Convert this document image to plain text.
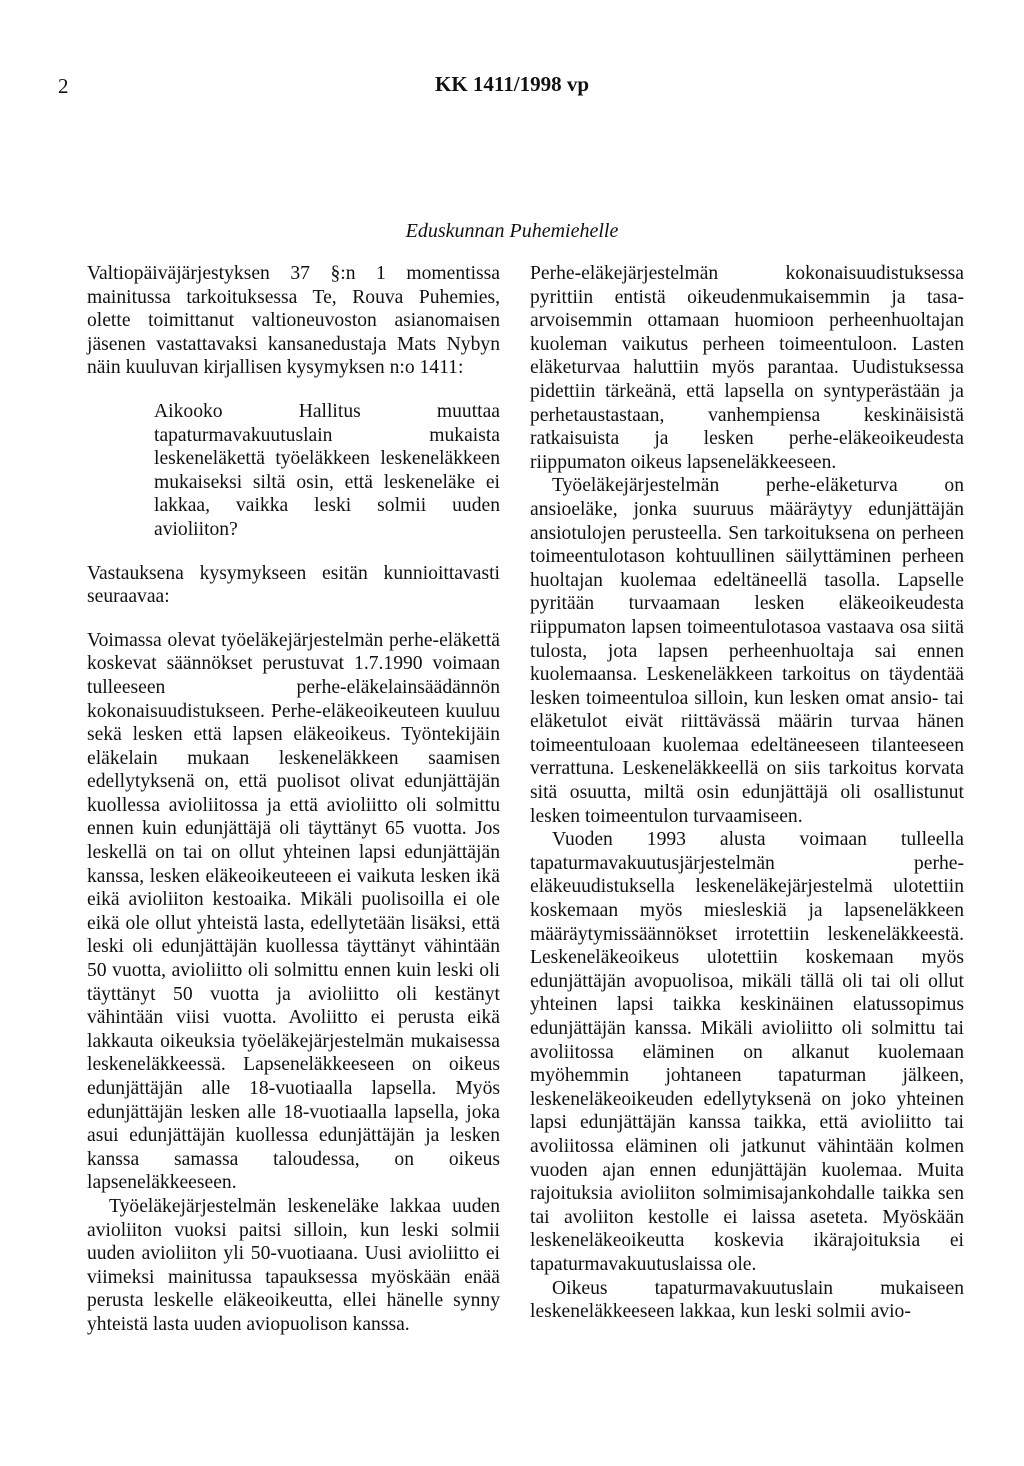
2	KK 1411/1998 vp
Eduskunnan Puhemiehelle

Valtiopäiväjärjestyksen 37 §:n 1 momentissa mainitussa tarkoituksessa Te, Rouva Puhemies, olette toimittanut valtioneuvoston asianomaisen jäsenen vastattavaksi kansanedustaja Mats Nybyn näin kuuluvan kirjallisen kysymyksen n:o 1411:

Aikooko Hallitus muuttaa tapaturmavakuutuslain mukaista leskeneläkettä työeläkkeen leskeneläkkeen mukaiseksi siltä osin, että leskeneläke ei lakkaa, vaikka leski solmii uuden avioliiton?

Vastauksena kysymykseen esitän kunnioittavasti seuraavaa:

Voimassa olevat työeläkejärjestelmän perhe-eläkettä koskevat säännökset perustuvat 1.7.1990 voimaan tulleeseen perhe-eläkelainsäädännön kokonaisuudistukseen. Perhe-eläkeoikeuteen kuuluu sekä lesken että lapsen eläkeoikeus. Työntekijäin eläkelain mukaan leskeneläkkeen saamisen edellytyksenä on, että puolisot olivat edunjättäjän kuollessa avioliitossa ja että avioliitto oli solmittu ennen kuin edunjättäjä oli täyttänyt 65 vuotta. Jos leskellä on tai on ollut yhteinen lapsi edunjättäjän kanssa, lesken eläkeoikeuteeen ei vaikuta lesken ikä eikä avioliiton kestoaika. Mikäli puolisoilla ei ole eikä ole ollut yhteistä lasta, edellytetään lisäksi, että leski oli edunjättäjän kuollessa täyttänyt vähintään 50 vuotta, avioliitto oli solmittu ennen kuin leski oli täyttänyt 50 vuotta ja avioliitto oli kestänyt vähintään viisi vuotta. Avoliitto ei perusta eikä lakkauta oikeuksia työeläkejärjestelmän mukaisessa leskeneläkkeessä. Lapseneläkkeeseen on oikeus edunjättäjän alle 18-vuotiaalla lapsella. Myös edunjättäjän lesken alle 18-vuotiaalla lapsella, joka asui edunjättäjän kuollessa edunjättäjän ja lesken kanssa samassa taloudessa, on oikeus lapseneläkkeeseen.

Työeläkejärjestelmän leskeneläke lakkaa uuden avioliiton vuoksi paitsi silloin, kun leski solmii uuden avioliiton yli 50-vuotiaana. Uusi avioliitto ei viimeksi mainitussa tapauksessa myöskään enää perusta leskelle eläkeoikeutta, ellei hänelle synny yhteistä lasta uuden aviopuolison kanssa.

Perhe-eläkejärjestelmän kokonaisuudistuksessa pyrittiin entistä oikeudenmukaisemmin ja tasa-arvoisemmin ottamaan huomioon perheenhuoltajan kuoleman vaikutus perheen toimeentuloon. Lasten eläketurvaa haluttiin myös parantaa. Uudistuksessa pidettiin tärkeänä, että lapsella on syntyperästään ja perhetaustastaan, vanhempiensa keskinäisistä ratkaisuista ja lesken perhe-eläkeoikeudesta riippumaton oikeus lapseneläkkeeseen.

Työeläkejärjestelmän perhe-eläketurva on ansioeläke, jonka suuruus määräytyy edunjättäjän ansiotulojen perusteella. Sen tarkoituksena on perheen toimeentulotason kohtuullinen säilyttäminen perheen huoltajan kuolemaa edeltäneellä tasolla. Lapselle pyritään turvaamaan lesken eläkeoikeudesta riippumaton lapsen toimeentulotasoa vastaava osa siitä tulosta, jota lapsen perheenhuoltaja sai ennen kuolemaansa. Leskeneläkkeen tarkoitus on täydentää lesken toimeentuloa silloin, kun lesken omat ansio- tai eläketulot eivät riittävässä määrin turvaa hänen toimeentuloaan kuolemaa edeltäneeseen tilanteeseen verrattuna. Leskeneläkkeellä on siis tarkoitus korvata sitä osuutta, miltä osin edunjättäjä oli osallistunut lesken toimeentulon turvaamiseen.

Vuoden 1993 alusta voimaan tulleella tapaturmavakuutusjärjestelmän perhe-eläkeuudistuksella leskeneläkejärjestelmä ulotettiin koskemaan myös miesleskiä ja lapseneläkkeen määräytymissäännökset irrotettiin leskeneläkkeestä. Leskeneläkeoikeus ulotettiin koskemaan myös edunjättäjän avopuolisoa, mikäli tällä oli tai oli ollut yhteinen lapsi taikka keskinäinen elatussopimus edunjättäjän kanssa. Mikäli avioliitto oli solmittu tai avoliitossa eläminen on alkanut kuolemaan myöhemmin johtaneen tapaturman jälkeen, leskeneläkeoikeuden edellytyksenä on joko yhteinen lapsi edunjättäjän kanssa taikka, että avioliitto tai avoliitossa eläminen oli jatkunut vähintään kolmen vuoden ajan ennen edunjättäjän kuolemaa. Muita rajoituksia avioliiton solmimisajankohdalle taikka sen tai avoliiton kestolle ei laissa aseteta. Myöskään leskeneläkeoikeutta koskevia ikärajoituksia ei tapaturmavakuutuslaissa ole.

Oikeus tapaturmavakuutuslain mukaiseen leskeneläkkeeseen lakkaa, kun leski solmii avio-
